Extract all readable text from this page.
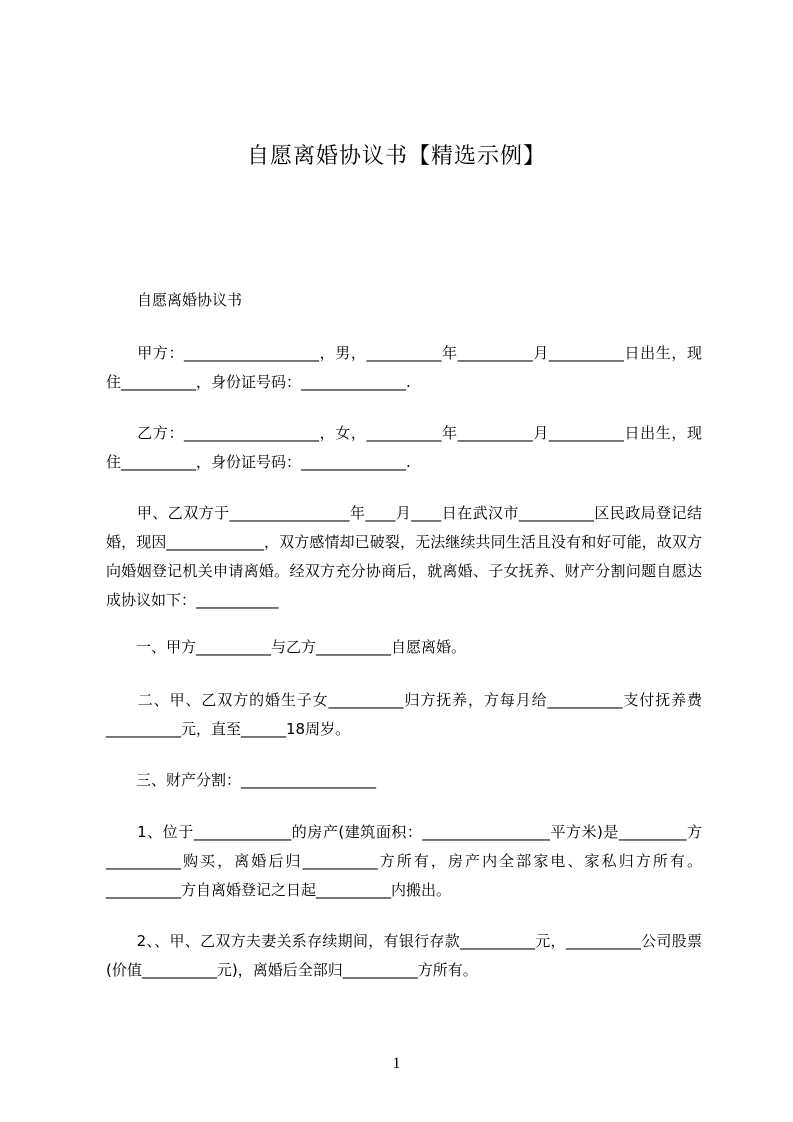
自愿离婚协议书【精选示例】
自愿离婚协议书
　　甲方：__________________，男，__________年__________月__________日出生，现住__________，身份证号码：______________.
　　乙方：__________________，女，__________年__________月__________日出生，现住__________，身份证号码：______________.
　　甲、乙双方于________________年____月____日在武汉市__________区民政局登记结婚，现因_____________，双方感情却已破裂，无法继续共同生活且没有和好可能，故双方向婚姻登记机关申请离婚。经双方充分协商后，就离婚、子女抚养、财产分割问题自愿达成协议如下：___________
　　一、甲方__________与乙方__________自愿离婚。
　　二、甲、乙双方的婚生子女__________归方抚养，方每月给__________支付抚养费__________元，直至______18周岁。
　　三、财产分割：__________________
　　1、位于_____________的房产(建筑面积：_________________平方米)是_________方__________购买，离婚后归__________方所有，房产内全部家电、家私归方所有。__________方自离婚登记之日起__________内搬出。
　　2、、甲、乙双方夫妻关系存续期间，有银行存款__________元，__________公司股票(价值__________元)，离婚后全部归__________方所有。
1
